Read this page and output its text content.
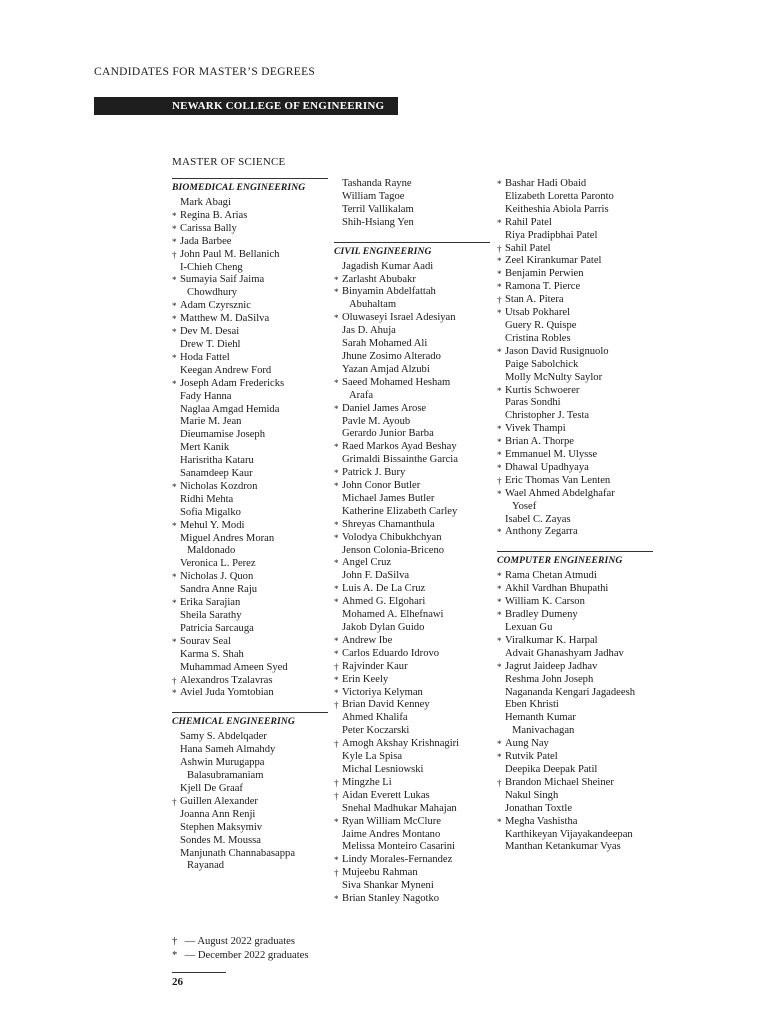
CANDIDATES FOR MASTER’S DEGREES
NEWARK COLLEGE OF ENGINEERING
MASTER OF SCIENCE
BIOMEDICAL ENGINEERING
Mark Abagi
* Regina B. Arias
* Carissa Bally
* Jada Barbee
† John Paul M. Bellanich
I-Chieh Cheng
* Sumayia Saif Jaima
Chowdhury
* Adam Czyrsznic
* Matthew M. DaSilva
* Dev M. Desai
Drew T. Diehl
* Hoda Fattel
Keegan Andrew Ford
* Joseph Adam Fredericks
Fady Hanna
Naglaa Amgad Hemida
Marie M. Jean
Dieumamise Joseph
Mert Kanik
Harisritha Kataru
Sanamdeep Kaur
* Nicholas Kozdron
Ridhi Mehta
Sofia Migalko
* Mehul Y. Modi
Miguel Andres Moran
Maldonado
Veronica L. Perez
* Nicholas J. Quon
Sandra Anne Raju
* Erika Sarajian
Sheila Sarathy
Patricia Sarcauga
* Sourav Seal
Karma S. Shah
Muhammad Ameen Syed
† Alexandros Tzalavras
* Aviel Juda Yomtobian
CHEMICAL ENGINEERING
Samy S. Abdelqader
Hana Sameh Almahdy
Ashwin Murugappa
Balasubramaniam
Kjell De Graaf
† Guillen Alexander
Joanna Ann Renji
Stephen Maksymiv
Sondes M. Moussa
Manjunath Channabasappa
Rayanad
Tashanda Rayne
William Tagoe
Terril Vallikalam
Shih-Hsiang Yen
CIVIL ENGINEERING
Jagadish Kumar Aadi
* Zarlasht Abubakr
* Binyamin Abdelfattah
Abuhaltam
* Oluwaseyi Israel Adesiyan
Jas D. Ahuja
Sarah Mohamed Ali
Jhune Zosimo Alterado
Yazan Amjad Alzubi
* Saeed Mohamed Hesham
Arafa
* Daniel James Arose
Pavle M. Ayoub
Gerardo Junior Barba
* Raed Markos Ayad Beshay
Grimaldi Bissainthe Garcia
* Patrick J. Bury
* John Conor Butler
Michael James Butler
Katherine Elizabeth Carley
* Shreyas Chamanthula
* Volodya Chibukhchyan
Jenson Colonia-Briceno
* Angel Cruz
John F. DaSilva
* Luis A. De La Cruz
* Ahmed G. Elgohari
Mohamed A. Elhefnawi
Jakob Dylan Guido
* Andrew Ibe
* Carlos Eduardo Idrovo
† Rajvinder Kaur
* Erin Keely
* Victoriya Kelyman
† Brian David Kenney
Ahmed Khalifa
Peter Koczarski
† Amogh Akshay Krishnagiri
Kyle La Spisa
Michal Lesniowski
† Mingzhe Li
† Aidan Everett Lukas
Snehal Madhukar Mahajan
* Ryan William McClure
Jaime Andres Montano
Melissa Monteiro Casarini
* Lindy Morales-Fernandez
† Mujeebu Rahman
Siva Shankar Myneni
* Brian Stanley Nagotko
* Bashar Hadi Obaid
Elizabeth Loretta Paronto
Keitheshia Abiola Parris
* Rahil Patel
Riya Pradipbhai Patel
† Sahil Patel
* Zeel Kirankumar Patel
* Benjamin Perwien
* Ramona T. Pierce
† Stan A. Pitera
* Utsab Pokharel
Guery R. Quispe
Cristina Robles
* Jason David Rusignuolo
Paige Sabolchick
Molly McNulty Saylor
* Kurtis Schwoerer
Paras Sondhi
Christopher J. Testa
* Vivek Thampi
* Brian A. Thorpe
* Emmanuel M. Ulysse
* Dhawal Upadhyaya
† Eric Thomas Van Lenten
* Wael Ahmed Abdelghafar
Yosef
Isabel C. Zayas
* Anthony Zegarra
COMPUTER ENGINEERING
* Rama Chetan Atmudi
* Akhil Vardhan Bhupathi
* William K. Carson
* Bradley Dumeny
Lexuan Gu
* Viralkumar K. Harpal
Advait Ghanashyam Jadhav
* Jagrut Jaideep Jadhav
Reshma John Joseph
Nagananda Kengari Jagadeesh
Eben Khristi
Hemanth Kumar
Manivachagan
* Aung Nay
* Rutvik Patel
Deepika Deepak Patil
† Brandon Michael Sheiner
Nakul Singh
Jonathan Toxtle
* Megha Vashistha
Karthikeyan Vijayakandeepan
Manthan Ketankumar Vyas
† — August 2022 graduates
* — December 2022 graduates
26
